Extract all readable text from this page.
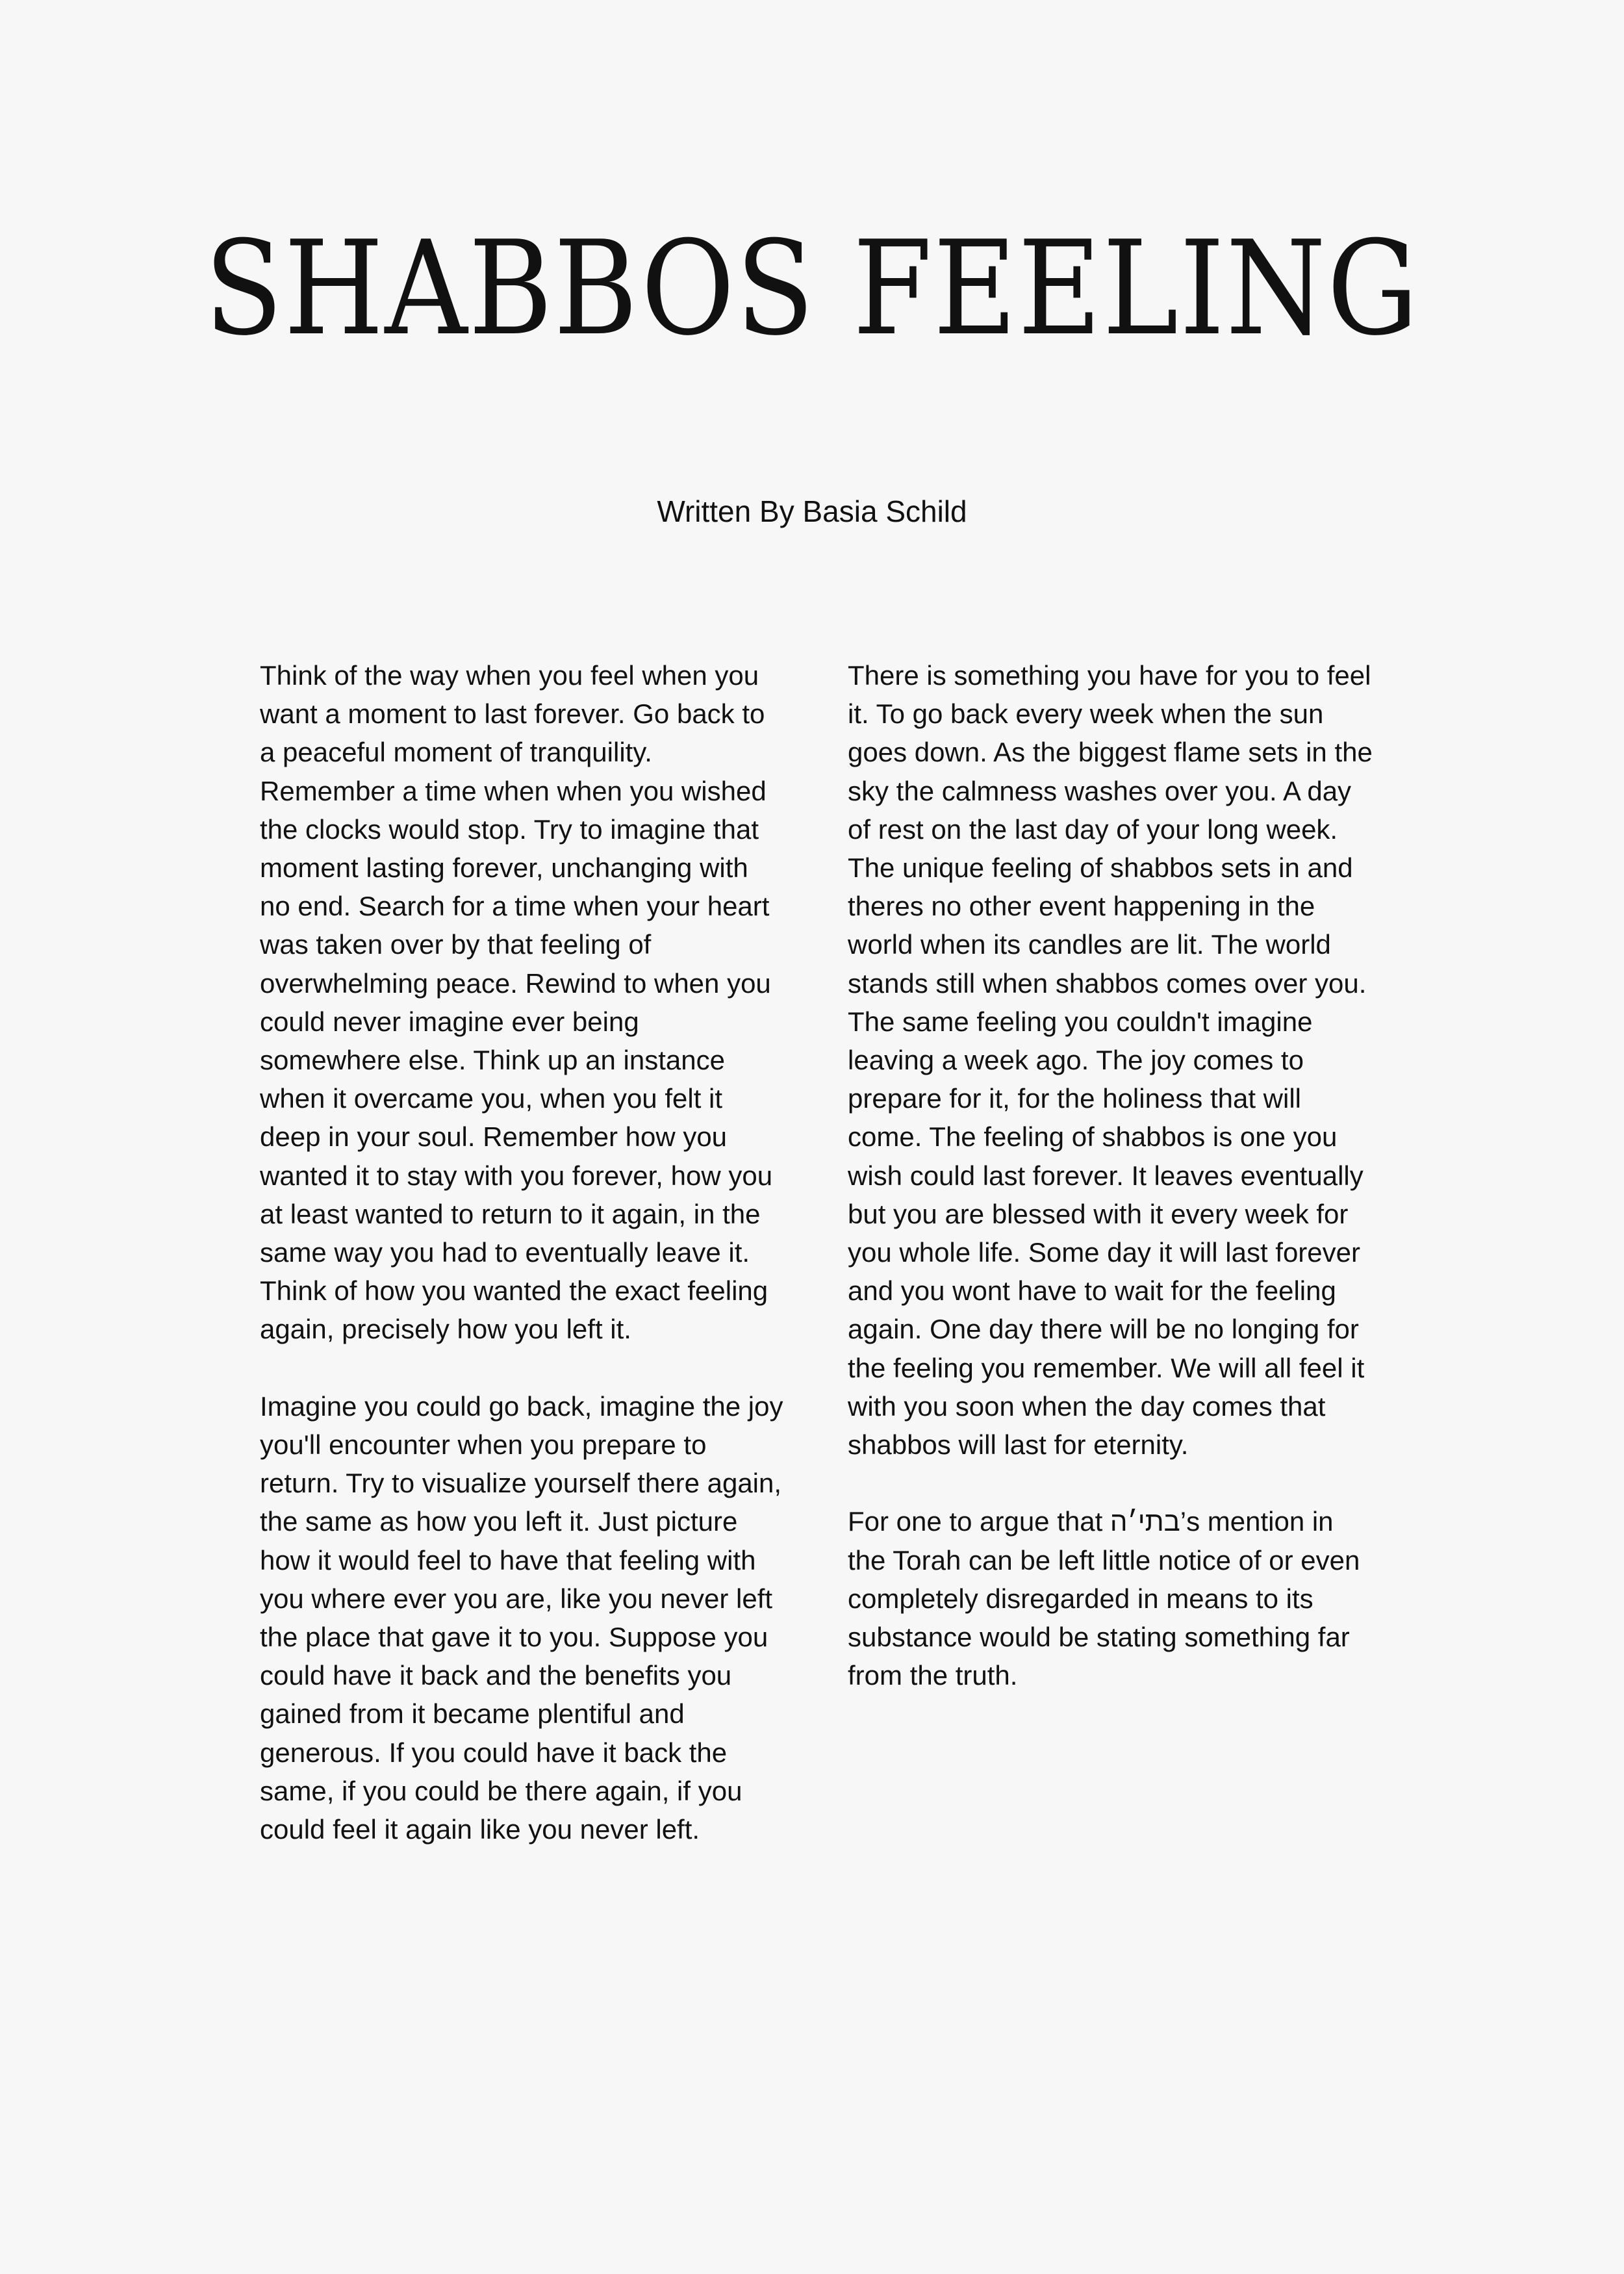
SHABBOS FEELING
Written By Basia Schild

Think of the way when you feel when you want a moment to last forever. Go back to a peaceful moment of tranquility. Remember a time when when you wished the clocks would stop. Try to imagine that moment lasting forever, unchanging with no end. Search for a time when your heart was taken over by that feeling of overwhelming peace. Rewind to when you could never imagine ever being somewhere else. Think up an instance when it overcame you, when you felt it deep in your soul. Remember how you wanted it to stay with you forever, how you at least wanted to return to it again, in the same way you had to eventually leave it. Think of how you wanted the exact feeling again, precisely how you left it.

Imagine you could go back, imagine the joy you'll encounter when you prepare to return. Try to visualize yourself there again, the same as how you left it. Just picture how it would feel to have that feeling with you where ever you are, like you never left the place that gave it to you. Suppose you could have it back and the benefits you gained from it became plentiful and generous. If you could have it back the same, if you could be there again, if you could feel it again like you never left.

There is something you have for you to feel it. To go back every week when the sun goes down. As the biggest flame sets in the sky the calmness washes over you. A day of rest on the last day of your long week. The unique feeling of shabbos sets in and theres no other event happening in the world when its candles are lit. The world stands still when shabbos comes over you. The same feeling you couldn't imagine leaving a week ago. The joy comes to prepare for it, for the holiness that will come. The feeling of shabbos is one you wish could last forever. It leaves eventually but you are blessed with it every week for you whole life. Some day it will last forever and you wont have to wait for the feeling again. One day there will be no longing for the feeling you remember. We will all feel it with you soon when the day comes that shabbos will last for eternity.

For one to argue that בתי׳ה’s mention in the Torah can be left little notice of or even completely disregarded in means to its substance would be stating something far from the truth.
